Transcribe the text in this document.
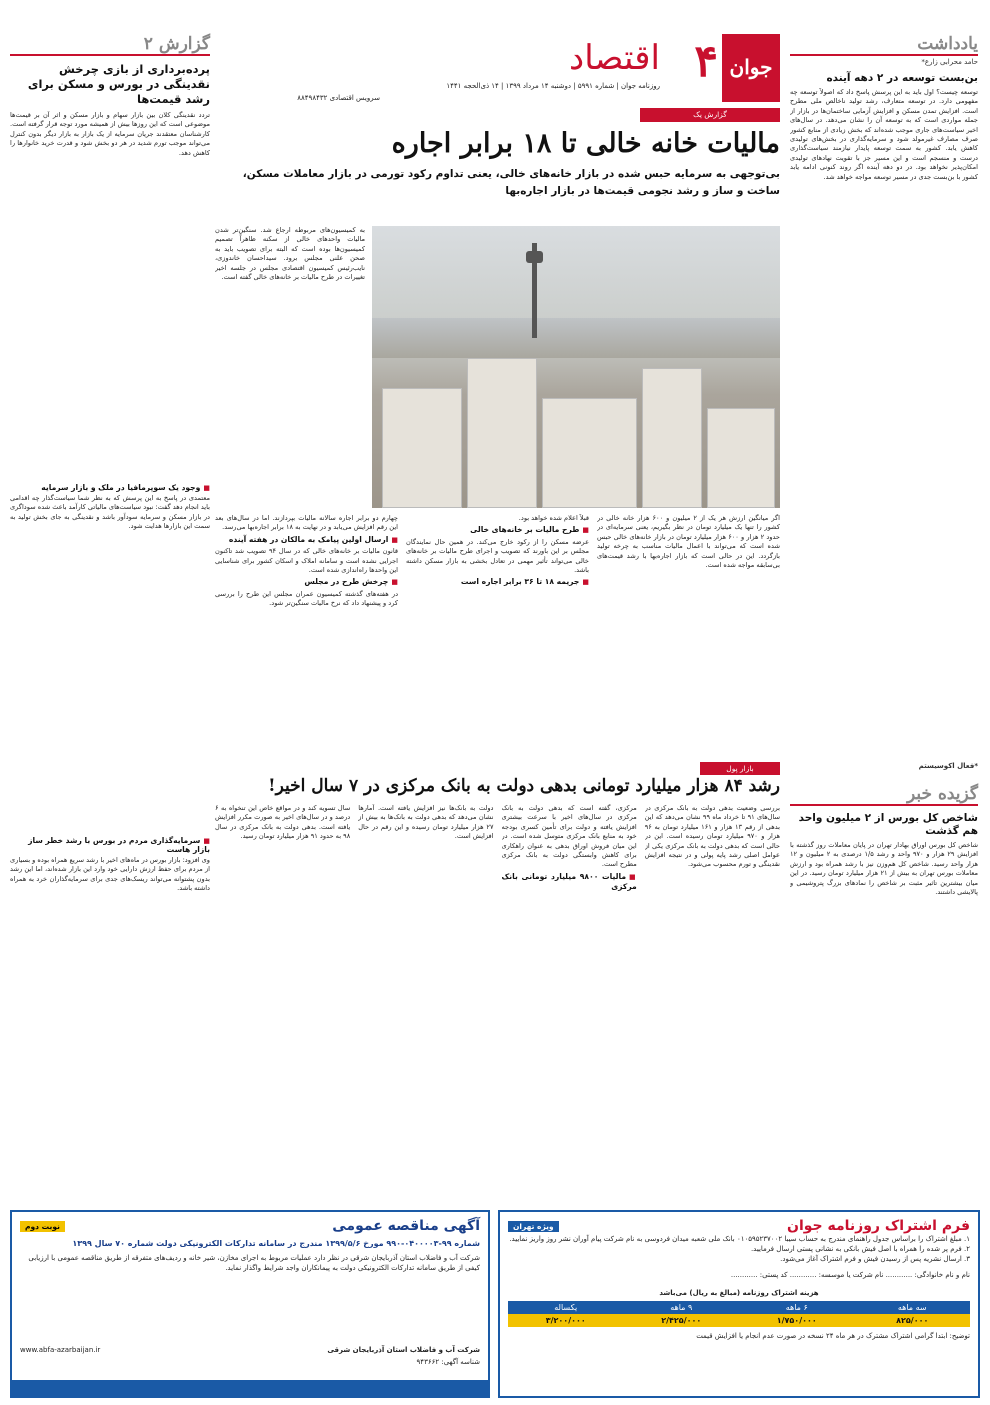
جوان
۴
اقتصاد
روزنامه جوان | شماره ۵۹۹۱ | دوشنبه ۱۴ مرداد ۱۳۹۹ | ۱۴ ذی‌الحجه ۱۴۴۱
سرویس اقتصادی ۸۸۴۹۸۴۳۲
یادداشت
حامد محرابی زارع*
بن‌بست توسعه در ۲ دهه آینده
توسعه چیست؟ اول باید به این پرسش پاسخ داد که اصولاً توسعه چه مفهومی دارد. در توسعه متعارف، رشد تولید ناخالص ملی مطرح است. افزایش تمدن مسکن و افزایش آزمایی ساختمان‌ها در بازار از جمله مواردی است که به توسعه آن را نشان می‌دهد. در سال‌های اخیر سیاست‌های جاری موجب شده‌اند که بخش زیادی از منابع کشور صرف مصارف غیرمولد شود و سرمایه‌گذاری در بخش‌های تولیدی کاهش یابد. کشور به سمت توسعه پایدار نیازمند سیاست‌گذاری درست و منسجم است و این مسیر جز با تقویت نهادهای تولیدی امکان‌پذیر نخواهد بود. در دو دهه آینده اگر روند کنونی ادامه یابد کشور با بن‌بست جدی در مسیر توسعه مواجه خواهد شد.
*فعال اکوسیستم
گزیده خبر
شاخص کل بورس از ۲ میلیون واحد هم گذشت
شاخص کل بورس اوراق بهادار تهران در پایان معاملات روز گذشته با افزایش ۲۹ هزار و ۹۷۰ واحد و رشد ۱/۵ درصدی به ۲ میلیون و ۱۲ هزار واحد رسید. شاخص کل هم‌وزن نیز با رشد همراه بود و ارزش معاملات بورس تهران به بیش از ۲۱ هزار میلیارد تومان رسید. در این میان بیشترین تاثیر مثبت بر شاخص را نمادهای بزرگ پتروشیمی و پالایشی داشتند.
گزارش ۲
پرده‌برداری از بازی چرخش نقدینگی در بورس و مسکن برای رشد قیمت‌ها
تردد نقدینگی کلان بین بازار سهام و بازار مسکن و اثر آن بر قیمت‌ها موضوعی است که این روزها بیش از همیشه مورد توجه قرار گرفته است. کارشناسان معتقدند جریان سرمایه از یک بازار به بازار دیگر بدون کنترل می‌تواند موجب تورم شدید در هر دو بخش شود و قدرت خرید خانوارها را کاهش دهد.
■ وجود یک سوپرمافیا در ملک و بازار سرمایه
معتمدی در پاسخ به این پرسش که به نظر شما سیاست‌گذار چه اقدامی باید انجام دهد گفت: نبود سیاست‌های مالیاتی کارآمد باعث شده سوداگری در بازار مسکن و سرمایه سودآور باشد و نقدینگی به جای بخش تولید به سمت این بازارها هدایت شود.
■ سرمایه‌گذاری مردم در بورس با رشد خطر ساز بازار هاست
وی افزود: بازار بورس در ماه‌های اخیر با رشد سریع همراه بوده و بسیاری از مردم برای حفظ ارزش دارایی خود وارد این بازار شده‌اند، اما این رشد بدون پشتوانه می‌تواند ریسک‌های جدی برای سرمایه‌گذاران خرد به همراه داشته باشد.
گزارش یک
مالیات خانه خالی تا ۱۸ برابر اجاره
بی‌توجهی به سرمایه حبس شده در بازار خانه‌های خالی، یعنی تداوم رکود تورمی در بازار معاملات مسکن، ساخت و ساز و رشد نجومی قیمت‌ها در بازار اجاره‌بها
به کمیسیون‌های مربوطه ارجاع شد. سنگین‌تر شدن مالیات واحدهای خالی از سکنه ظاهراً تصمیم کمیسیون‌ها بوده است که البته برای تصویب باید به صحن علنی مجلس برود. سیداحسان خاندوزی، نایب‌رئیس کمیسیون اقتصادی مجلس در جلسه اخیر تغییرات در طرح مالیات بر خانه‌های خالی گفته است.
اگر میانگین ارزش هر یک از ۲ میلیون و ۶۰۰ هزار خانه خالی در کشور را تنها یک میلیارد تومان در نظر بگیریم، یعنی سرمایه‌ای در حدود ۲ هزار و ۶۰۰ هزار میلیارد تومان در بازار خانه‌های خالی حبس شده است که می‌تواند با اعمال مالیات مناسب به چرخه تولید بازگردد. این در حالی است که بازار اجاره‌بها با رشد قیمت‌های بی‌سابقه مواجه شده است.
قبلاً اعلام شده خواهد بود.
■ طرح مالیات بر خانه‌های خالی
عرضه مسکن را از رکود خارج می‌کند. در همین حال نمایندگان مجلس بر این باورند که تصویب و اجرای طرح مالیات بر خانه‌های خالی می‌تواند تأثیر مهمی در تعادل بخشی به بازار مسکن داشته باشد.
■ جریمه ۱۸ تا ۳۶ برابر اجاره است
چهارم دو برابر اجاره سالانه مالیات بپردازند. اما در سال‌های بعد این رقم افزایش می‌یابد و در نهایت به ۱۸ برابر اجاره‌بها می‌رسد.
■ ارسال اولین پیامک به مالکان در هفته آینده
قانون مالیات بر خانه‌های خالی که در سال ۹۴ تصویب شد تاکنون اجرایی نشده است و سامانه املاک و اسکان کشور برای شناسایی این واحدها راه‌اندازی شده است.
■ چرخش طرح در مجلس
در هفته‌های گذشته کمیسیون عمران مجلس این طرح را بررسی کرد و پیشنهاد داد که نرخ مالیات سنگین‌تر شود.
بازار پول
رشد ۸۴ هزار میلیارد تومانی بدهی دولت به بانک مرکزی در ۷ سال اخیر!
بررسی وضعیت بدهی دولت به بانک مرکزی در سال‌های ۹۱ تا خرداد ماه ۹۹ نشان می‌دهد که این بدهی از رقم ۱۳ هزار و ۱۶۱ میلیارد تومان به ۹۶ هزار و ۹۷۰ میلیارد تومان رسیده است. این در حالی است که بدهی دولت به بانک مرکزی یکی از عوامل اصلی رشد پایه پولی و در نتیجه افزایش نقدینگی و تورم محسوب می‌شود.
مرکزی، گفته است که بدهی دولت به بانک مرکزی در سال‌های اخیر با سرعت بیشتری افزایش یافته و دولت برای تأمین کسری بودجه خود به منابع بانک مرکزی متوسل شده است. در این میان فروش اوراق بدهی به عنوان راهکاری برای کاهش وابستگی دولت به بانک مرکزی مطرح است.
■ مالیات ۹۸۰۰ میلیارد تومانی بانک مرکزی
دولت به بانک‌ها نیز افزایش یافته است. آمارها نشان می‌دهد که بدهی دولت به بانک‌ها به بیش از ۲۷ هزار میلیارد تومان رسیده و این رقم در حال افزایش است.
سال تسویه کند و در مواقع خاص این تنخواه به ۶ درصد و در سال‌های اخیر به صورت مکرر افزایش یافته است. بدهی دولت به بانک مرکزی در سال ۹۸ به حدود ۹۱ هزار میلیارد تومان رسید.
آگهی مناقصه عمومی
نوبت دوم
شماره ۹۹-۰۴۰۰۰۰۳-۹۹۰ مورخ ۱۳۹۹/۵/۶ مندرج در سامانه تدارکات الکترونیکی دولت شماره ۷۰ سال ۱۳۹۹
شرکت آب و فاضلاب استان آذربایجان شرقی در نظر دارد عملیات مربوط به اجرای مخازن، شیر خانه و ردیف‌های متفرقه از طریق مناقصه عمومی با ارزیابی کیفی از طریق سامانه تدارکات الکترونیکی دولت به پیمانکاران واجد شرایط واگذار نماید.
شرکت آب و فاضلاب استان آذربایجان شرقی
www.abfa-azarbaijan.ir
شناسه آگهی: ۹۴۳۶۶۲
فرم اشتراک روزنامه جوان
ویژه تهران
۱. مبلغ اشتراک را براساس جدول راهنمای مندرج به حساب سیبا ۰۱۰۵۹۵۲۳۷۰۰۲ بانک ملی شعبه میدان فردوسی به نام شرکت پیام آوران نشر روز واریز نمایید.
۲. فرم پر شده را همراه با اصل فیش بانکی به نشانی پستی ارسال فرمایید.
۳. ارسال نشریه پس از رسیدن فیش و فرم اشتراک آغاز می‌شود.
نام و نام خانوادگی: ............ نام شرکت یا موسسه: ............ کد پستی: ............
هزینه اشتراک روزنامه (مبالغ به ریال) می‌باشد
سه ماهه
۶ ماهه
۹ ماهه
یکساله
۸۲۵/۰۰۰
۱/۷۵۰/۰۰۰
۲/۴۲۵/۰۰۰
۳/۲۰۰/۰۰۰
توضیح: ابتدا گرامی اشتراک مشترک در هر ماه ۲۴ نسخه در صورت عدم انجام یا افزایش قیمت
